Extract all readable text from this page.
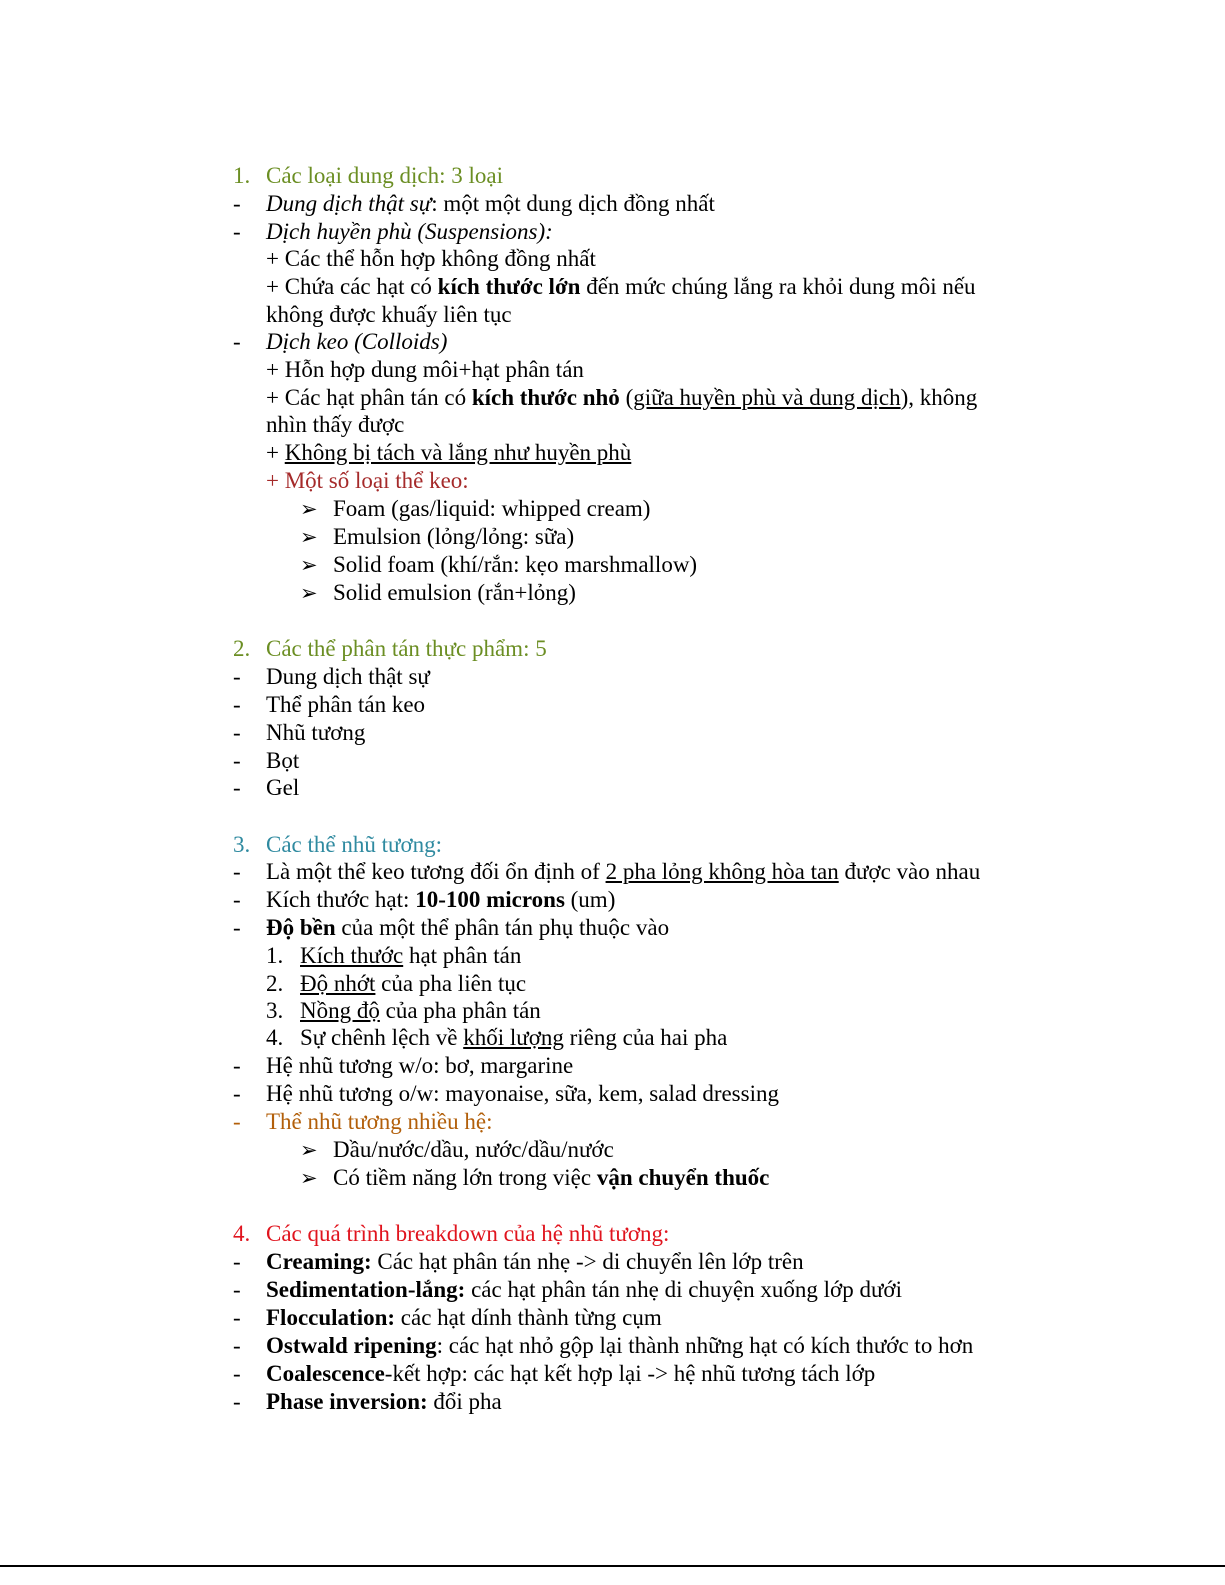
1. Các loại dung dịch: 3 loại
- Dung dịch thật sự: một một dung dịch đồng nhất
- Dịch huyền phù (Suspensions):
+ Các thể hỗn hợp không đồng nhất
+ Chứa các hạt có kích thước lớn đến mức chúng lắng ra khỏi dung môi nếu
không được khuấy liên tục
- Dịch keo (Colloids)
+ Hỗn hợp dung môi+hạt phân tán
+ Các hạt phân tán có kích thước nhỏ (giữa huyền phù và dung dịch), không
nhìn thấy được
+ Không bị tách và lắng như huyền phù
+ Một số loại thể keo:
➢ Foam (gas/liquid: whipped cream)
➢ Emulsion (lỏng/lỏng: sữa)
➢ Solid foam (khí/rắn: kẹo marshmallow)
➢ Solid emulsion (rắn+lỏng)
2. Các thể phân tán thực phẩm: 5
- Dung dịch thật sự
- Thể phân tán keo
- Nhũ tương
- Bọt
- Gel
3. Các thể nhũ tương:
- Là một thể keo tương đối ổn định of 2 pha lỏng không hòa tan được vào nhau
- Kích thước hạt: 10-100 microns (um)
- Độ bền của một thể phân tán phụ thuộc vào
1. Kích thước hạt phân tán
2. Độ nhớt của pha liên tục
3. Nồng độ của pha phân tán
4. Sự chênh lệch về khối lượng riêng của hai pha
- Hệ nhũ tương w/o: bơ, margarine
- Hệ nhũ tương o/w: mayonaise, sữa, kem, salad dressing
- Thể nhũ tương nhiều hệ:
➢ Dầu/nước/dầu, nước/dầu/nước
➢ Có tiềm năng lớn trong việc vận chuyển thuốc
4. Các quá trình breakdown của hệ nhũ tương:
- Creaming: Các hạt phân tán nhẹ -> di chuyển lên lớp trên
- Sedimentation-lắng: các hạt phân tán nhẹ di chuyện xuống lớp dưới
- Flocculation: các hạt dính thành từng cụm
- Ostwald ripening: các hạt nhỏ gộp lại thành những hạt có kích thước to hơn
- Coalescence-kết hợp: các hạt kết hợp lại -> hệ nhũ tương tách lớp
- Phase inversion: đổi pha
